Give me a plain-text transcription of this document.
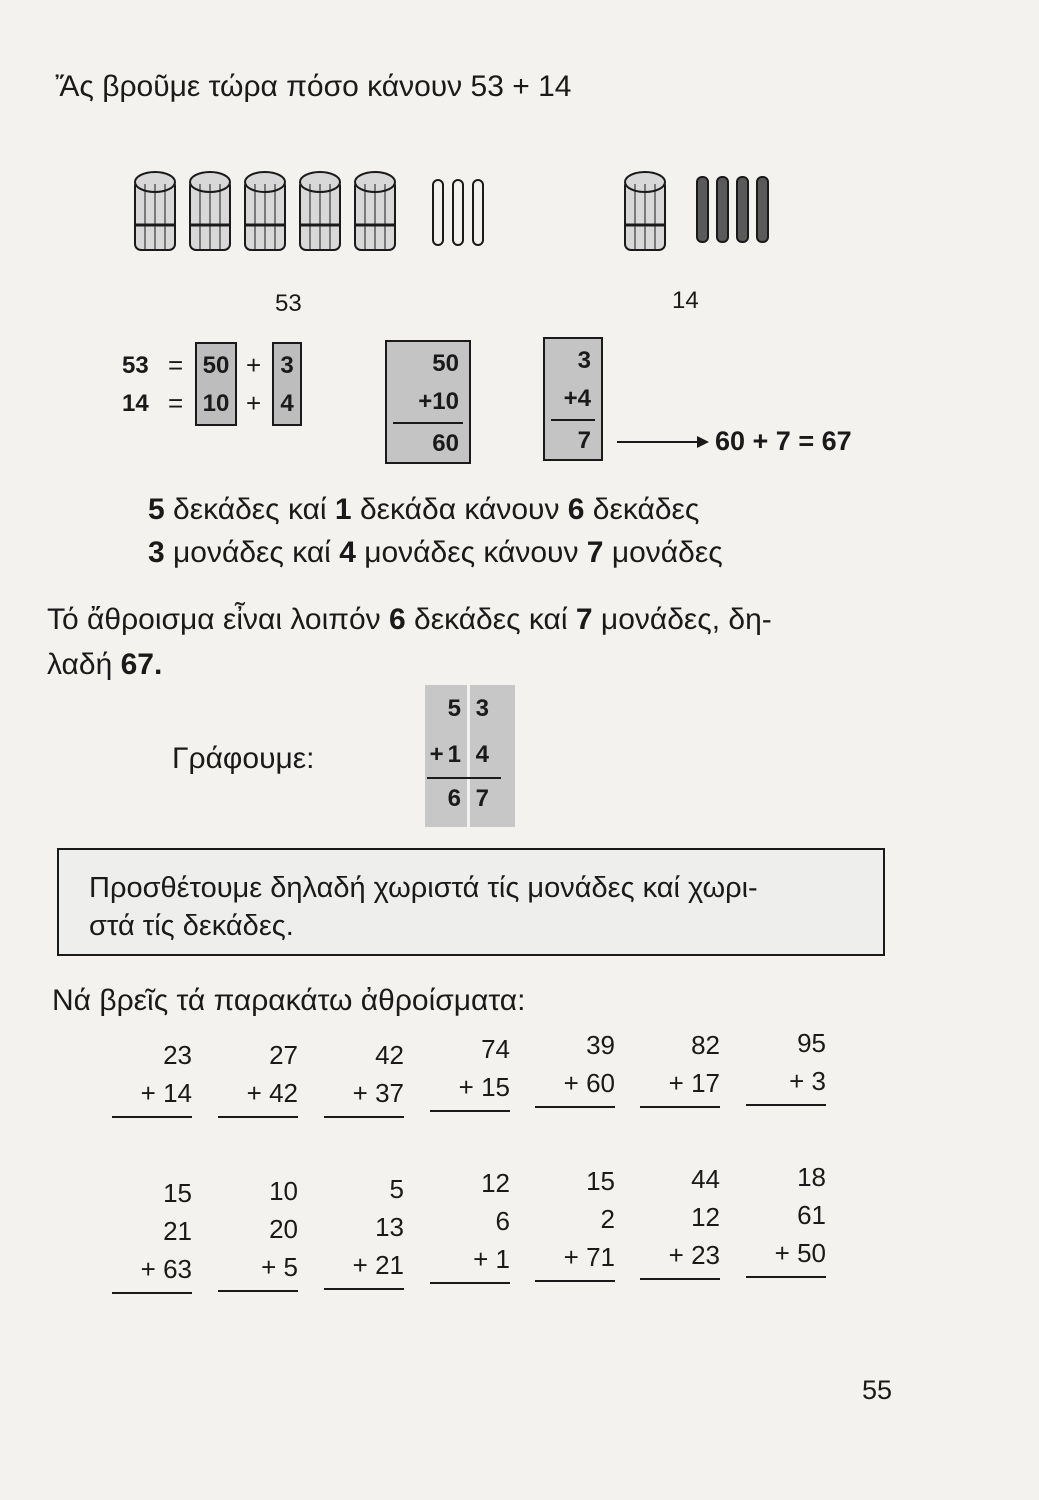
Ἄς βροῦμε τώρα πόσο κάνουν 53 + 14
53	14
53 = 50
10
+ 3
4
14 = +
50
+10
60
3
+4
7	60 + 7 = 67
5 δεκάδες καί 1 δεκάδα κάνουν 6 δεκάδες
3 μονάδες καί 4 μονάδες κάνουν 7 μονάδες
Τό ἄθροισμα εἶναι λοιπόν 6 δεκάδες καί 7 μονάδες, δη-
λαδή 67.
Γράφουμε:
5 3
+1 4
6 7
Προσθέτουμε δηλαδή χωριστά τίς μονάδες καί χωρι-
στά τίς δεκάδες.
Νά βρεῖς τά παρακάτω ἀθροίσματα:
23
+ 14
27
+ 42
42
+ 37
74
+ 15
39
+ 60
82
+ 17
95
+ 3
15
21
+ 63
10
20
+ 5
5
13
+ 21
12
6
+ 1
15
2
+ 71
44
12
+ 23
18
61
+ 50
55
